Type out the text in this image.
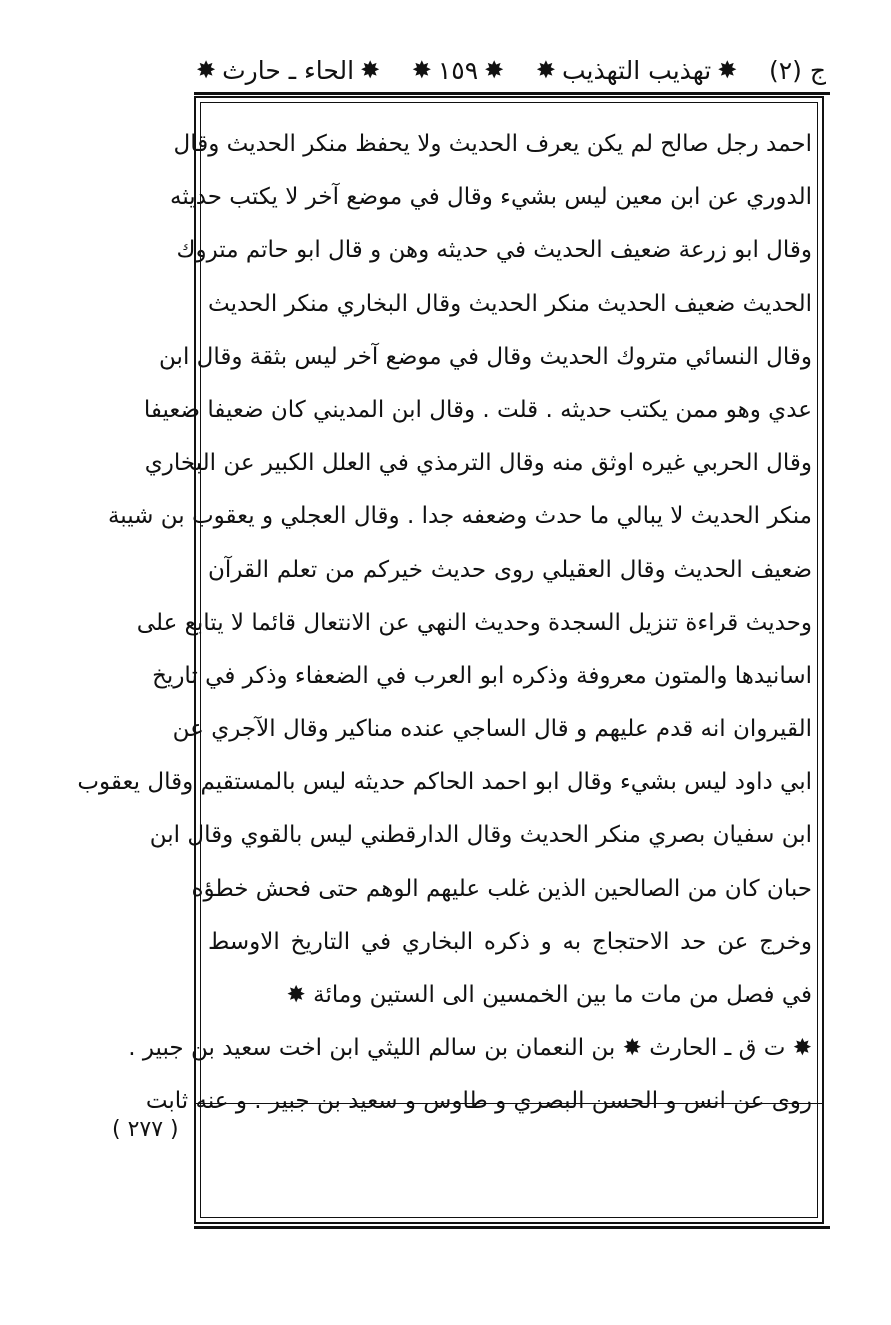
ج (٢)
✸
تهذيب التهذيب
✸
✸
١٥٩
✸
✸
الحاء ـ حارث
✸
احمد رجل صالح لم يكن يعرف الحديث ولا يحفظ منكر الحديث وقال
الدوري عن ابن معين ليس بشيء وقال في موضع آخر لا يكتب حديثه
وقال ابو زرعة ضعيف الحديث في حديثه وهن و قال ابو حاتم متروك
الحديث ضعيف الحديث منكر الحديث وقال البخاري منكر الحديث
وقال النسائي متروك الحديث وقال في موضع آخر ليس بثقة وقال ابن
عدي وهو ممن يكتب حديثه . قلت . وقال ابن المديني كان ضعيفا ضعيفا
وقال الحربي غيره اوثق منه وقال الترمذي في العلل الكبير عن البخاري
منكر الحديث لا يبالي ما حدث وضعفه جدا . وقال العجلي و يعقوب بن شيبة
ضعيف الحديث وقال العقيلي روى حديث خيركم من تعلم القرآن
وحديث قراءة تنزيل السجدة وحديث النهي عن الانتعال قائما لا يتابع على
اسانيدها والمتون معروفة وذكره ابو العرب في الضعفاء وذكر في تاريخ
القيروان انه قدم عليهم و قال الساجي عنده مناكير وقال الآجري عن
ابي داود ليس بشيء وقال ابو احمد الحاكم حديثه ليس بالمستقيم وقال يعقوب
ابن سفيان بصري منكر الحديث وقال الدارقطني ليس بالقوي وقال ابن
حبان كان من الصالحين الذين غلب عليهم الوهم حتى فحش خطؤه
وخرج عن حد الاحتجاج به و ذكره البخاري في التاريخ الاوسط
في فصل من مات ما بين الخمسين الى الستين ومائة ✸
✸ ت ق ـ الحارث ✸ بن النعمان بن سالم الليثي ابن اخت سعيد بن جبير .
روى عن انس و الحسن البصري و طاوس و سعيد بن جبير . و عنه ثابت
( ٢٧٧ )
